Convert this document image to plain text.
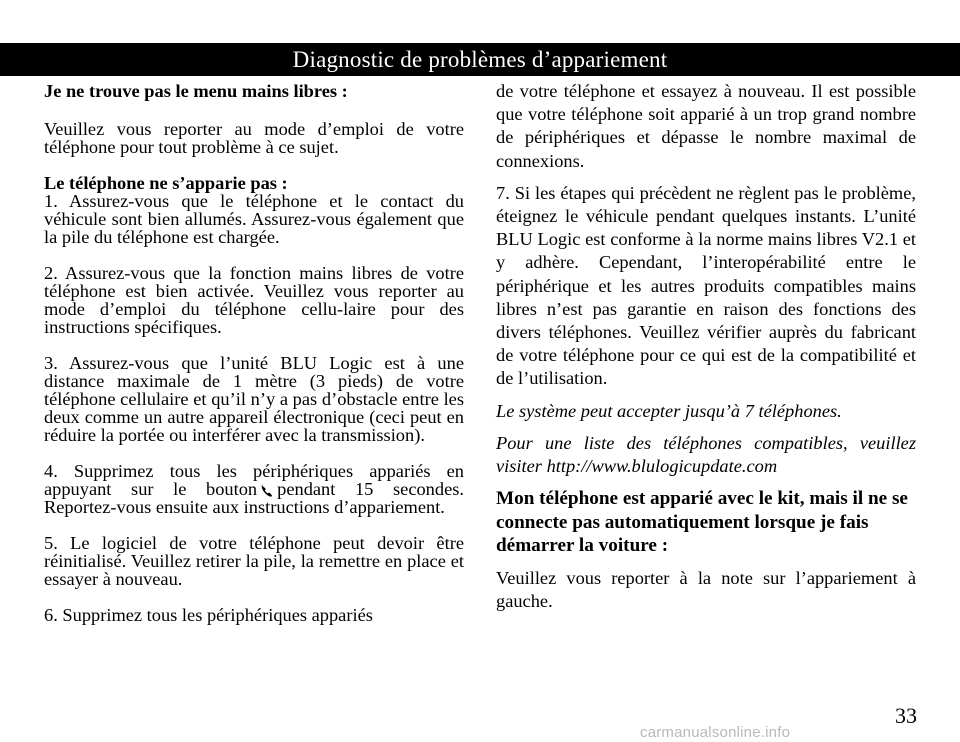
Diagnostic de problèmes d’appariement

Je ne trouve pas le menu mains libres :

Veuillez vous reporter au mode d’emploi de votre téléphone pour tout problème à ce sujet.

Le téléphone ne s’apparie pas :

1. Assurez-vous que le téléphone et le contact du véhicule sont bien allumés. Assurez-vous également que la pile du téléphone est chargée.

2. Assurez-vous que la fonction mains libres de votre téléphone est bien activée. Veuillez vous reporter au mode d’emploi du téléphone cellu-laire pour des instructions spécifiques.

3. Assurez-vous que l’unité BLU Logic est à une distance maximale de 1 mètre (3 pieds) de votre téléphone cellulaire et qu’il n’y a pas d’obstacle entre les deux comme un autre appareil électronique (ceci peut en réduire la portée ou interférer avec la transmission).

4. Supprimez tous les périphériques appariés en appuyant sur le bouton pendant 15 secondes. Reportez-vous ensuite aux instructions d’appariement.

5. Le logiciel de votre téléphone peut devoir être réinitialisé. Veuillez retirer la pile, la remettre en place et essayer à nouveau.

6. Supprimez tous les périphériques appariés

de votre téléphone et essayez à nouveau. Il est possible que votre téléphone soit apparié à un trop grand nombre de périphériques et dépasse le nombre maximal de connexions.

7. Si les étapes qui précèdent ne règlent pas le problème, éteignez le véhicule pendant quelques instants. L’unité BLU Logic est conforme à la norme mains libres V2.1 et y adhère. Cependant, l’interopérabilité entre le périphérique et les autres produits compatibles mains libres n’est pas garantie en raison des fonctions des divers téléphones. Veuillez vérifier auprès du fabricant de votre téléphone pour ce qui est de la compatibilité et de l’utilisation.

Le système peut accepter jusqu’à 7 téléphones.

Pour une liste des téléphones compatibles, veuillez visiter http://www.blulogicupdate.com

Mon téléphone est apparié avec le kit, mais il ne se connecte pas automatiquement lorsque je fais démarrer la voiture :

Veuillez vous reporter à la note sur l’appariement à gauche.

33
carmanualsonline.info
